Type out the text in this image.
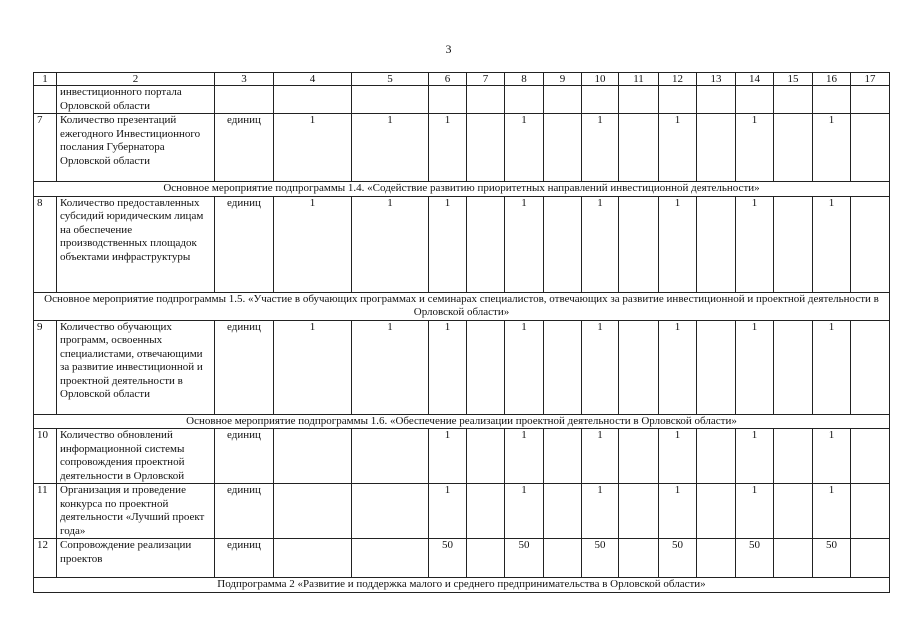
3
1	2	3	4	5	6	7	8	9	10	11	12	13	14	15	16	17
	инвестиционного портала Орловской области															
7	Количество презентаций ежегодного Инвестиционного послания Губернатора Орловской области	единиц	1	1	1		1		1		1		1		1	
Основное мероприятие подпрограммы 1.4. «Содействие развитию приоритетных направлений инвестиционной деятельности»																
8	Количество предоставленных субсидий юридическим лицам на обеспечение производственных площадок объектами инфраструктуры	единиц	1	1	1		1		1		1		1		1	
Основное мероприятие подпрограммы 1.5. «Участие в обучающих программах и семинарах специалистов, отвечающих за развитие инвестиционной и проектной деятельности в Орловской области»																
9	Количество обучающих программ, освоенных специалистами, отвечающими за развитие инвестиционной и проектной деятельности в Орловской области	единиц	1	1	1		1		1		1		1		1	
Основное мероприятие подпрограммы 1.6. «Обеспечение реализации проектной деятельности в Орловской области»																
10	Количество обновлений информационной системы сопровождения проектной деятельности в Орловской	единиц			1		1		1		1		1		1	
11	Организация и проведение конкурса по проектной деятельности «Лучший проект года»	единиц			1		1		1		1		1		1	
12	Сопровождение реализации проектов	единиц			50		50		50		50		50		50	
Подпрограмма 2 «Развитие и поддержка малого и среднего предпринимательства в Орловской области»																
